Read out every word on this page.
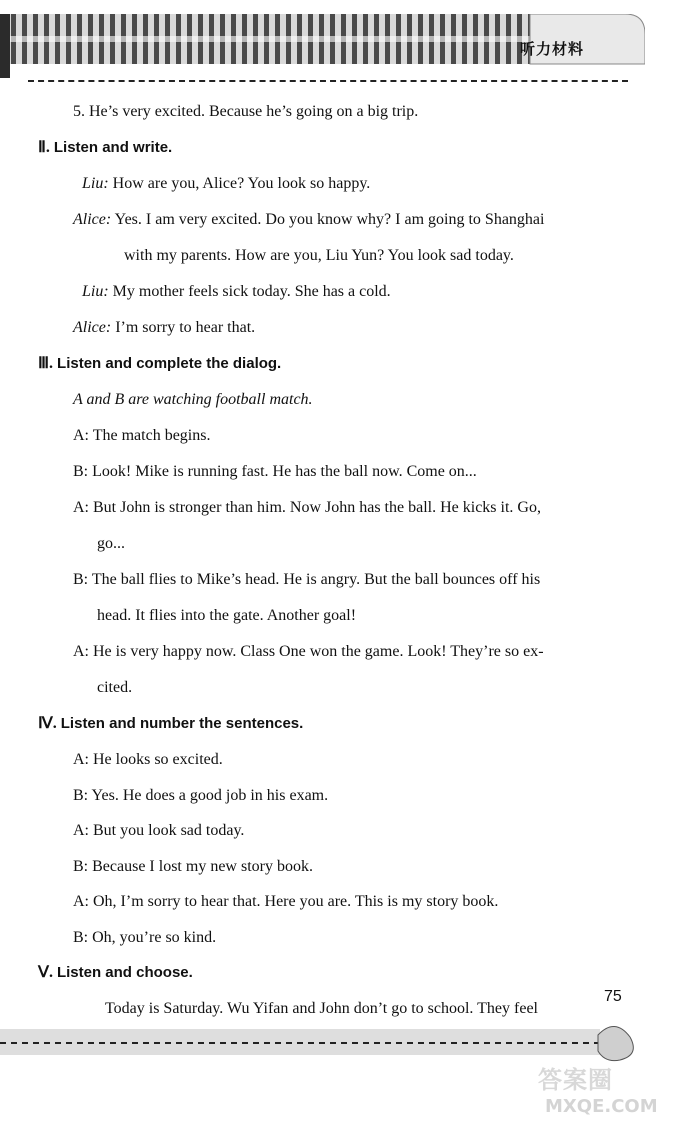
听力材料
5. He’s very excited. Because he’s going on a big trip.
Ⅱ. Listen and write.
Liu: How are you, Alice? You look so happy.
Alice: Yes. I am very excited. Do you know why? I am going to Shanghai
with my parents. How are you, Liu Yun? You look sad today.
Liu: My mother feels sick today. She has a cold.
Alice: I’m sorry to hear that.
Ⅲ. Listen and complete the dialog.
A and B are watching football match.
A: The match begins.
B: Look! Mike is running fast. He has the ball now. Come on...
A: But John is stronger than him. Now John has the ball. He kicks it. Go,
go...
B: The ball flies to Mike’s head. He is angry. But the ball bounces off his
head. It flies into the gate. Another goal!
A: He is very happy now. Class One won the game. Look! They’re so ex-
cited.
Ⅳ. Listen and number the sentences.
A: He looks so excited.
B: Yes. He does a good job in his exam.
A: But you look sad today.
B: Because I lost my new story book.
A: Oh, I’m sorry to hear that. Here you are. This is my story book.
B: Oh, you’re so kind.
Ⅴ. Listen and choose.
Today is Saturday. Wu Yifan and John don’t go to school. They feel
75
答案圈
MXQE.COM
